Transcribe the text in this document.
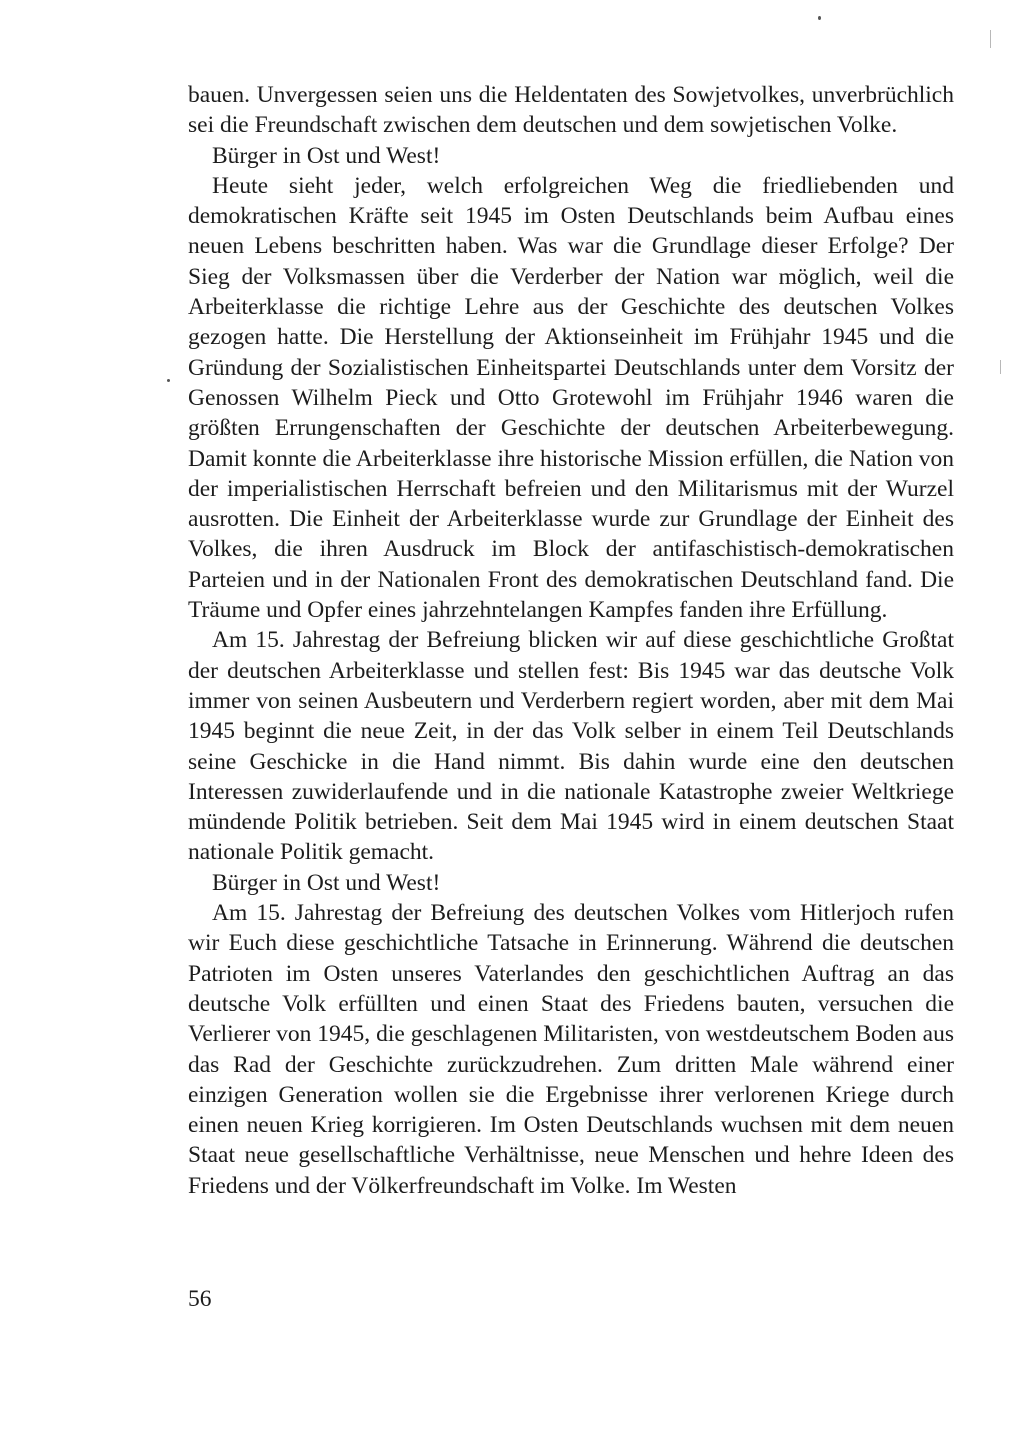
bauen. Unvergessen seien uns die Heldentaten des Sowjetvolkes, unverbrüchlich sei die Freundschaft zwischen dem deutschen und dem sowjetischen Volke.

Bürger in Ost und West!

Heute sieht jeder, welch erfolgreichen Weg die friedliebenden und demokratischen Kräfte seit 1945 im Osten Deutschlands beim Aufbau eines neuen Lebens beschritten haben. Was war die Grundlage dieser Erfolge? Der Sieg der Volksmassen über die Verderber der Nation war möglich, weil die Arbeiterklasse die richtige Lehre aus der Geschichte des deutschen Volkes gezogen hatte. Die Herstellung der Aktionseinheit im Frühjahr 1945 und die Gründung der Sozialistischen Einheitspartei Deutschlands unter dem Vorsitz der Genossen Wilhelm Pieck und Otto Grotewohl im Frühjahr 1946 waren die größten Errungenschaften der Geschichte der deutschen Arbeiterbewegung. Damit konnte die Arbeiterklasse ihre historische Mission erfüllen, die Nation von der imperialistischen Herrschaft befreien und den Militarismus mit der Wurzel ausrotten. Die Einheit der Arbeiterklasse wurde zur Grundlage der Einheit des Volkes, die ihren Ausdruck im Block der antifaschistisch-demokratischen Parteien und in der Nationalen Front des demokratischen Deutschland fand. Die Träume und Opfer eines jahrzehntelangen Kampfes fanden ihre Erfüllung.

Am 15. Jahrestag der Befreiung blicken wir auf diese geschichtliche Großtat der deutschen Arbeiterklasse und stellen fest: Bis 1945 war das deutsche Volk immer von seinen Ausbeutern und Verderbern regiert worden, aber mit dem Mai 1945 beginnt die neue Zeit, in der das Volk selber in einem Teil Deutschlands seine Geschicke in die Hand nimmt. Bis dahin wurde eine den deutschen Interessen zuwiderlaufende und in die nationale Katastrophe zweier Weltkriege mündende Politik betrieben. Seit dem Mai 1945 wird in einem deutschen Staat nationale Politik gemacht.

Bürger in Ost und West!

Am 15. Jahrestag der Befreiung des deutschen Volkes vom Hitlerjoch rufen wir Euch diese geschichtliche Tatsache in Erinnerung. Während die deutschen Patrioten im Osten unseres Vaterlandes den geschichtlichen Auftrag an das deutsche Volk erfüllten und einen Staat des Friedens bauten, versuchen die Verlierer von 1945, die geschlagenen Militaristen, von westdeutschem Boden aus das Rad der Geschichte zurückzudrehen. Zum dritten Male während einer einzigen Generation wollen sie die Ergebnisse ihrer verlorenen Kriege durch einen neuen Krieg korrigieren. Im Osten Deutschlands wuchsen mit dem neuen Staat neue gesellschaftliche Verhältnisse, neue Menschen und hehre Ideen des Friedens und der Völkerfreundschaft im Volke. Im Westen

56
